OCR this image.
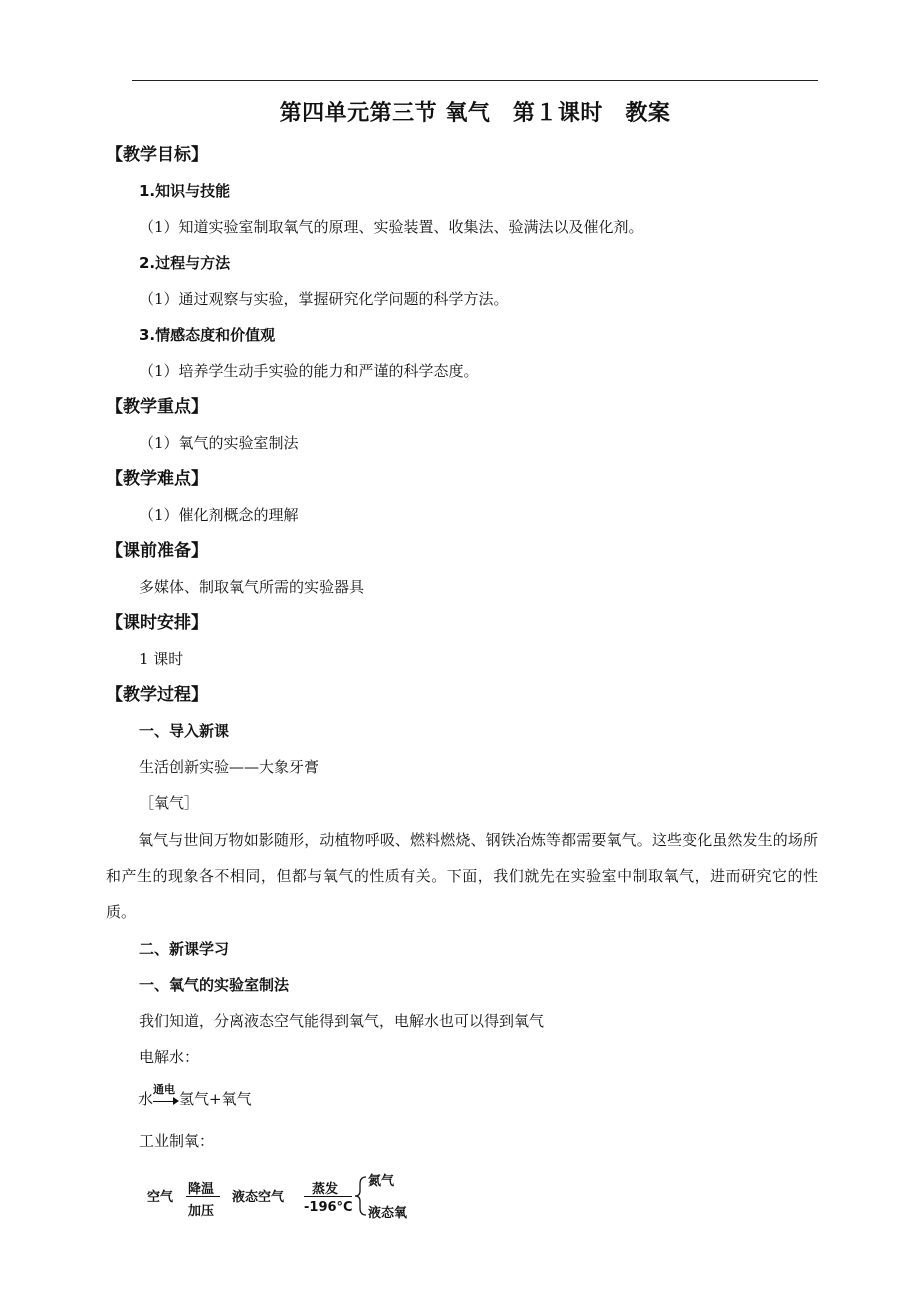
第四单元第三节 氧气　第１课时　教案
【教学目标】
1.知识与技能
（1）知道实验室制取氧气的原理、实验装置、收集法、验满法以及催化剂。
2.过程与方法
（1）通过观察与实验，掌握研究化学问题的科学方法。
3.情感态度和价值观
（1）培养学生动手实验的能力和严谨的科学态度。
【教学重点】
（1）氧气的实验室制法
【教学难点】
（1）催化剂概念的理解
【课前准备】
多媒体、制取氧气所需的实验器具
【课时安排】
1 课时
【教学过程】
一、导入新课
生活创新实验——大象牙膏
［氧气］
氧气与世间万物如影随形，动植物呼吸、燃料燃烧、钢铁冶炼等都需要氧气。这些变化虽然发生的场所和产生的现象各不相同，但都与氧气的性质有关。下面，我们就先在实验室中制取氧气，进而研究它的性质。
二、新课学习
一、氧气的实验室制法
我们知道，分离液态空气能得到氧气，电解水也可以得到氧气
电解水：
水
通电
氢气+氧气
工业制氧：
空气
降温
加压
液态空气
蒸发
-196°C
氮气
液态氧
